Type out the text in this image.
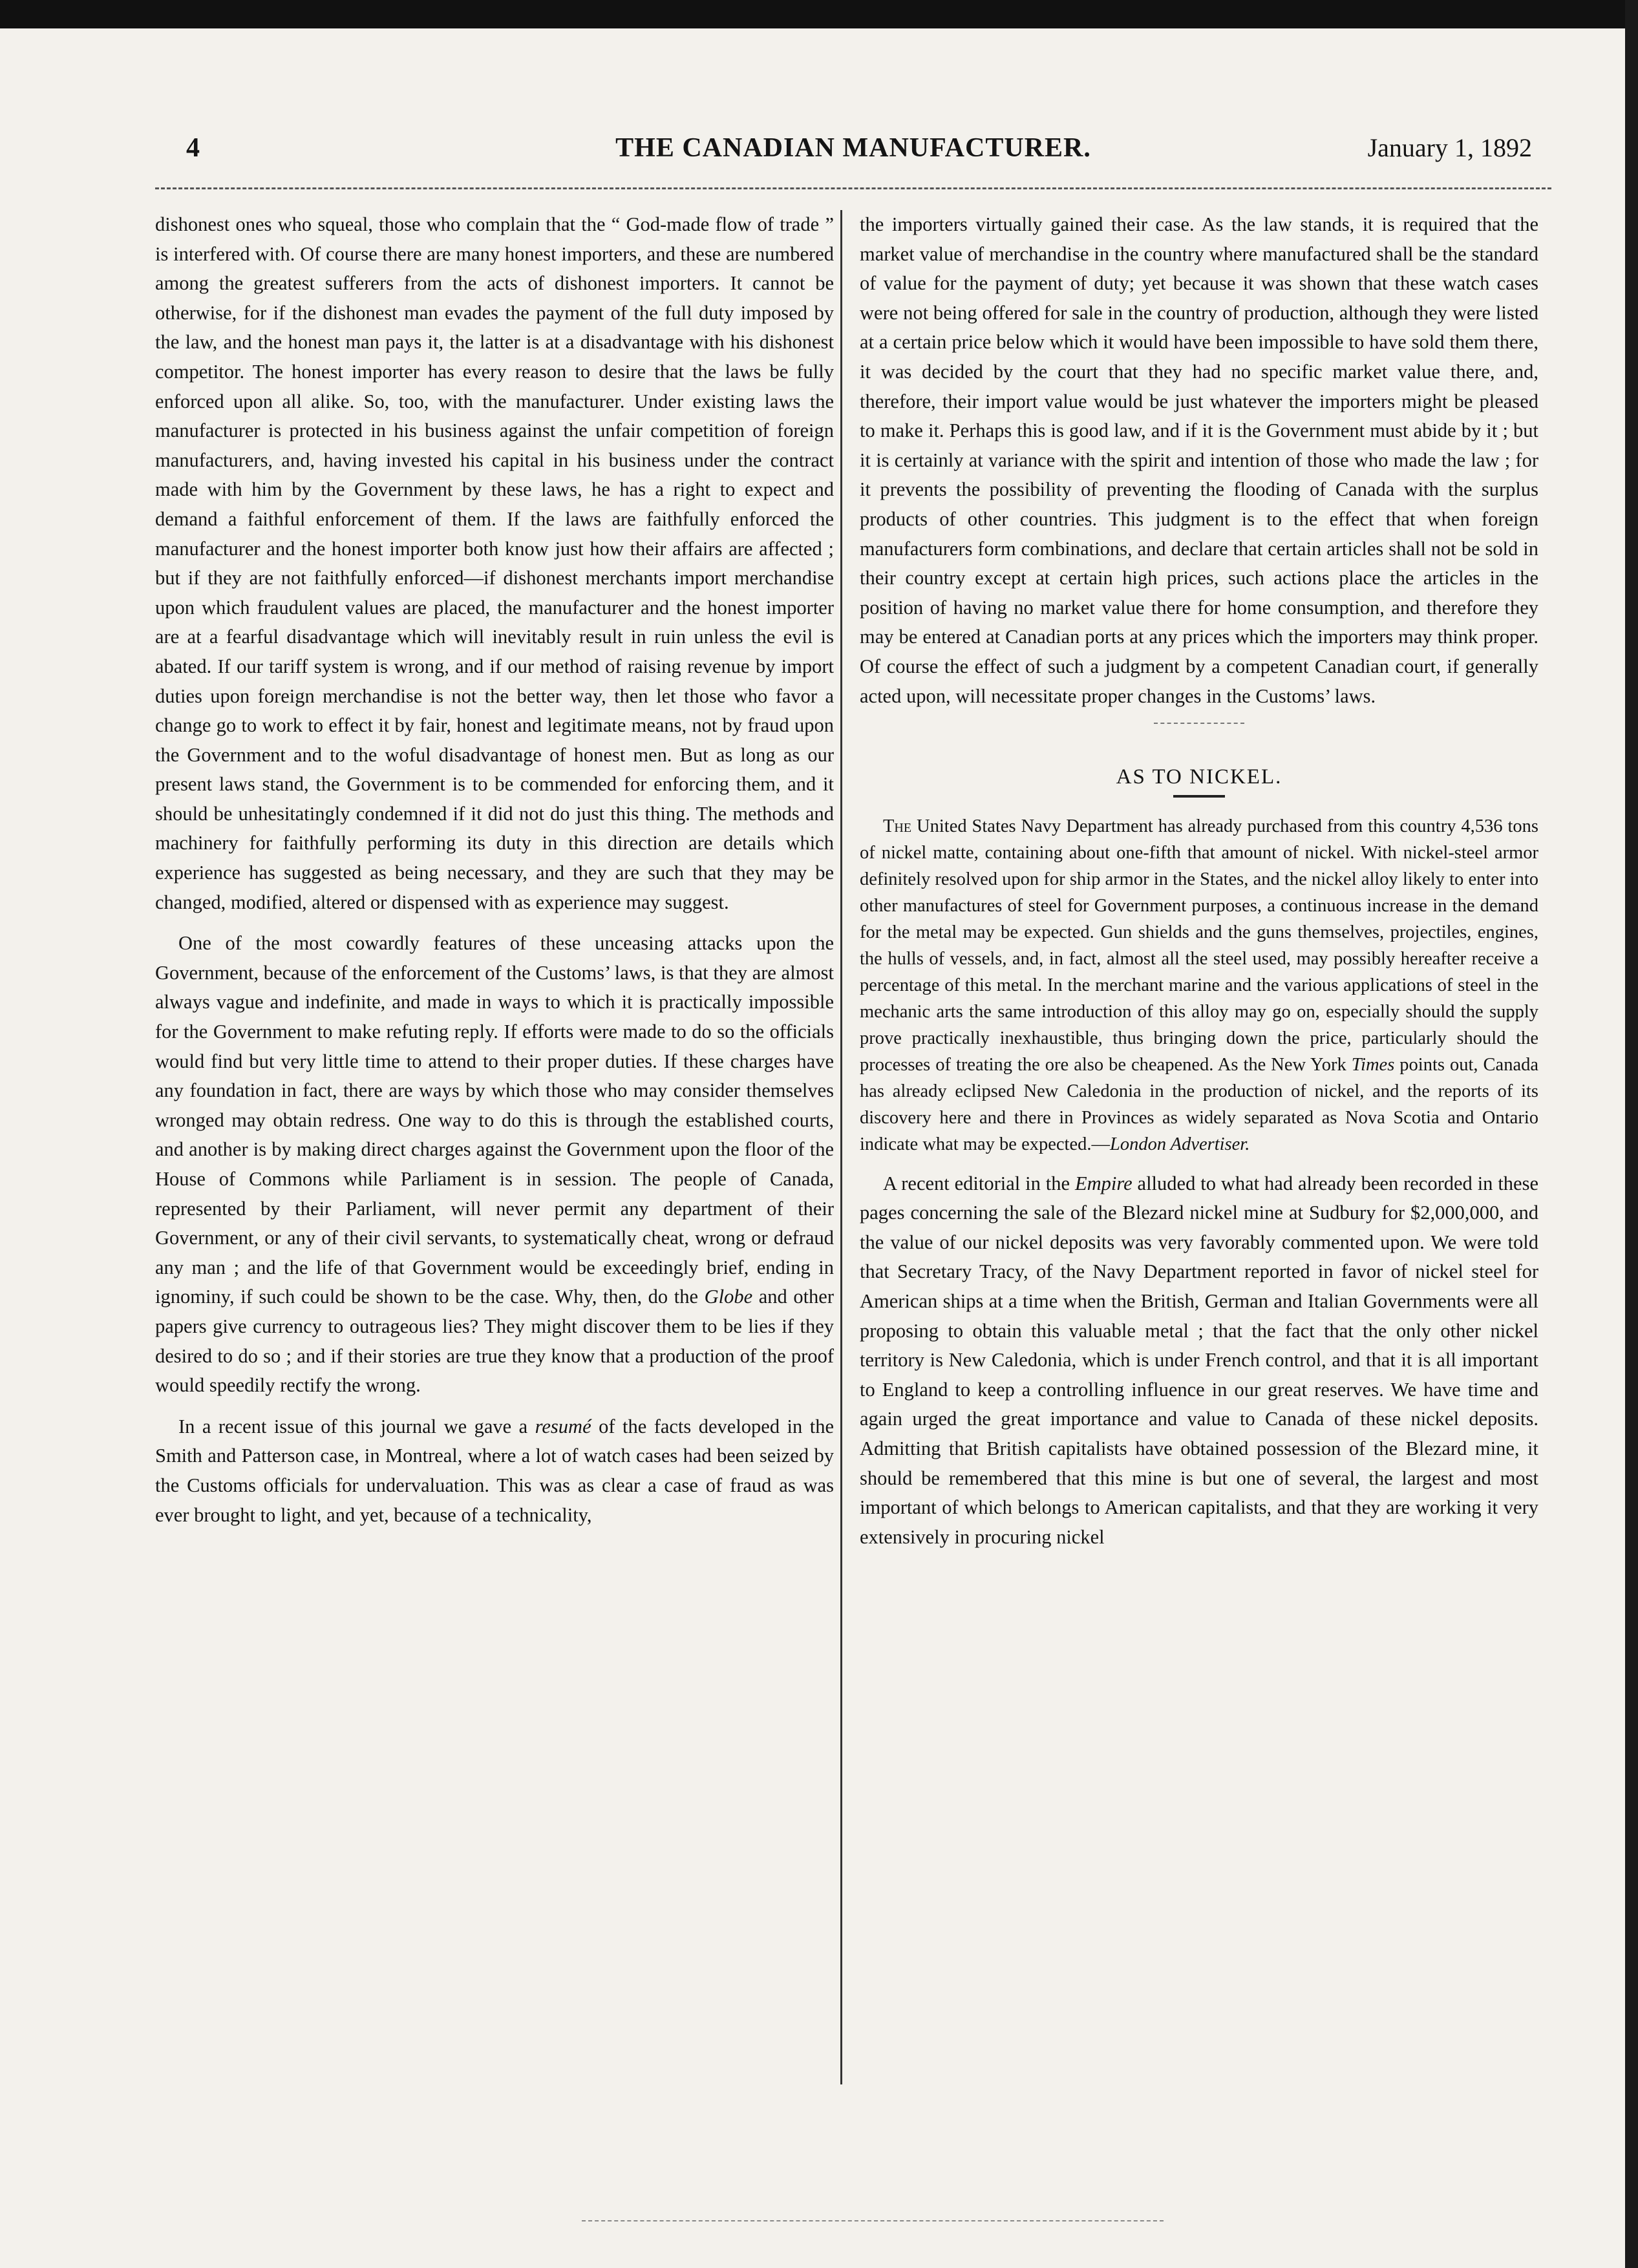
4	THE CANADIAN MANUFACTURER.	January 1, 1892

dishonest ones who squeal, those who complain that the “ God-made flow of trade ” is interfered with. Of course there are many honest importers, and these are numbered among the greatest sufferers from the acts of dishonest importers. It cannot be otherwise, for if the dishonest man evades the payment of the full duty imposed by the law, and the honest man pays it, the latter is at a disadvantage with his dishonest competitor. The honest importer has every reason to desire that the laws be fully enforced upon all alike. So, too, with the manufacturer. Under existing laws the manufacturer is protected in his business against the unfair competition of foreign manufacturers, and, having invested his capital in his business under the contract made with him by the Government by these laws, he has a right to expect and demand a faithful enforcement of them. If the laws are faithfully enforced the manufacturer and the honest importer both know just how their affairs are affected ; but if they are not faithfully enforced—if dishonest merchants import merchandise upon which fraudulent values are placed, the manufacturer and the honest importer are at a fearful disadvantage which will inevitably result in ruin unless the evil is abated. If our tariff system is wrong, and if our method of raising revenue by import duties upon foreign merchandise is not the better way, then let those who favor a change go to work to effect it by fair, honest and legitimate means, not by fraud upon the Government and to the woful disadvantage of honest men. But as long as our present laws stand, the Government is to be commended for enforcing them, and it should be unhesitatingly condemned if it did not do just this thing. The methods and machinery for faithfully performing its duty in this direction are details which experience has suggested as being necessary, and they are such that they may be changed, modified, altered or dispensed with as experience may suggest.

One of the most cowardly features of these unceasing attacks upon the Government, because of the enforcement of the Customs’ laws, is that they are almost always vague and indefinite, and made in ways to which it is practically impossible for the Government to make refuting reply. If efforts were made to do so the officials would find but very little time to attend to their proper duties. If these charges have any foundation in fact, there are ways by which those who may consider themselves wronged may obtain redress. One way to do this is through the established courts, and another is by making direct charges against the Government upon the floor of the House of Commons while Parliament is in session. The people of Canada, represented by their Parliament, will never permit any department of their Government, or any of their civil servants, to systematically cheat, wrong or defraud any man ; and the life of that Government would be exceedingly brief, ending in ignominy, if such could be shown to be the case. Why, then, do the Globe and other papers give currency to outrageous lies? They might discover them to be lies if they desired to do so ; and if their stories are true they know that a production of the proof would speedily rectify the wrong.

In a recent issue of this journal we gave a resumé of the facts developed in the Smith and Patterson case, in Montreal, where a lot of watch cases had been seized by the Customs officials for undervaluation. This was as clear a case of fraud as was ever brought to light, and yet, because of a technicality,

the importers virtually gained their case. As the law stands, it is required that the market value of merchandise in the country where manufactured shall be the standard of value for the payment of duty; yet because it was shown that these watch cases were not being offered for sale in the country of production, although they were listed at a certain price below which it would have been impossible to have sold them there, it was decided by the court that they had no specific market value there, and, therefore, their import value would be just whatever the importers might be pleased to make it. Perhaps this is good law, and if it is the Government must abide by it ; but it is certainly at variance with the spirit and intention of those who made the law ; for it prevents the possibility of preventing the flooding of Canada with the surplus products of other countries. This judgment is to the effect that when foreign manufacturers form combinations, and declare that certain articles shall not be sold in their country except at certain high prices, such actions place the articles in the position of having no market value there for home consumption, and therefore they may be entered at Canadian ports at any prices which the importers may think proper. Of course the effect of such a judgment by a competent Canadian court, if generally acted upon, will necessitate proper changes in the Customs’ laws.

AS TO NICKEL.

The United States Navy Department has already purchased from this country 4,536 tons of nickel matte, containing about one-fifth that amount of nickel. With nickel-steel armor definitely resolved upon for ship armor in the States, and the nickel alloy likely to enter into other manufactures of steel for Government purposes, a continuous increase in the demand for the metal may be expected. Gun shields and the guns themselves, projectiles, engines, the hulls of vessels, and, in fact, almost all the steel used, may possibly hereafter receive a percentage of this metal. In the merchant marine and the various applications of steel in the mechanic arts the same introduction of this alloy may go on, especially should the supply prove practically inexhaustible, thus bringing down the price, particularly should the processes of treating the ore also be cheapened. As the New York Times points out, Canada has already eclipsed New Caledonia in the production of nickel, and the reports of its discovery here and there in Provinces as widely separated as Nova Scotia and Ontario indicate what may be expected.—London Advertiser.

A recent editorial in the Empire alluded to what had already been recorded in these pages concerning the sale of the Blezard nickel mine at Sudbury for $2,000,000, and the value of our nickel deposits was very favorably commented upon. We were told that Secretary Tracy, of the Navy Department reported in favor of nickel steel for American ships at a time when the British, German and Italian Governments were all proposing to obtain this valuable metal ; that the fact that the only other nickel territory is New Caledonia, which is under French control, and that it is all important to England to keep a controlling influence in our great reserves. We have time and again urged the great importance and value to Canada of these nickel deposits. Admitting that British capitalists have obtained possession of the Blezard mine, it should be remembered that this mine is but one of several, the largest and most important of which belongs to American capitalists, and that they are working it very extensively in procuring nickel
